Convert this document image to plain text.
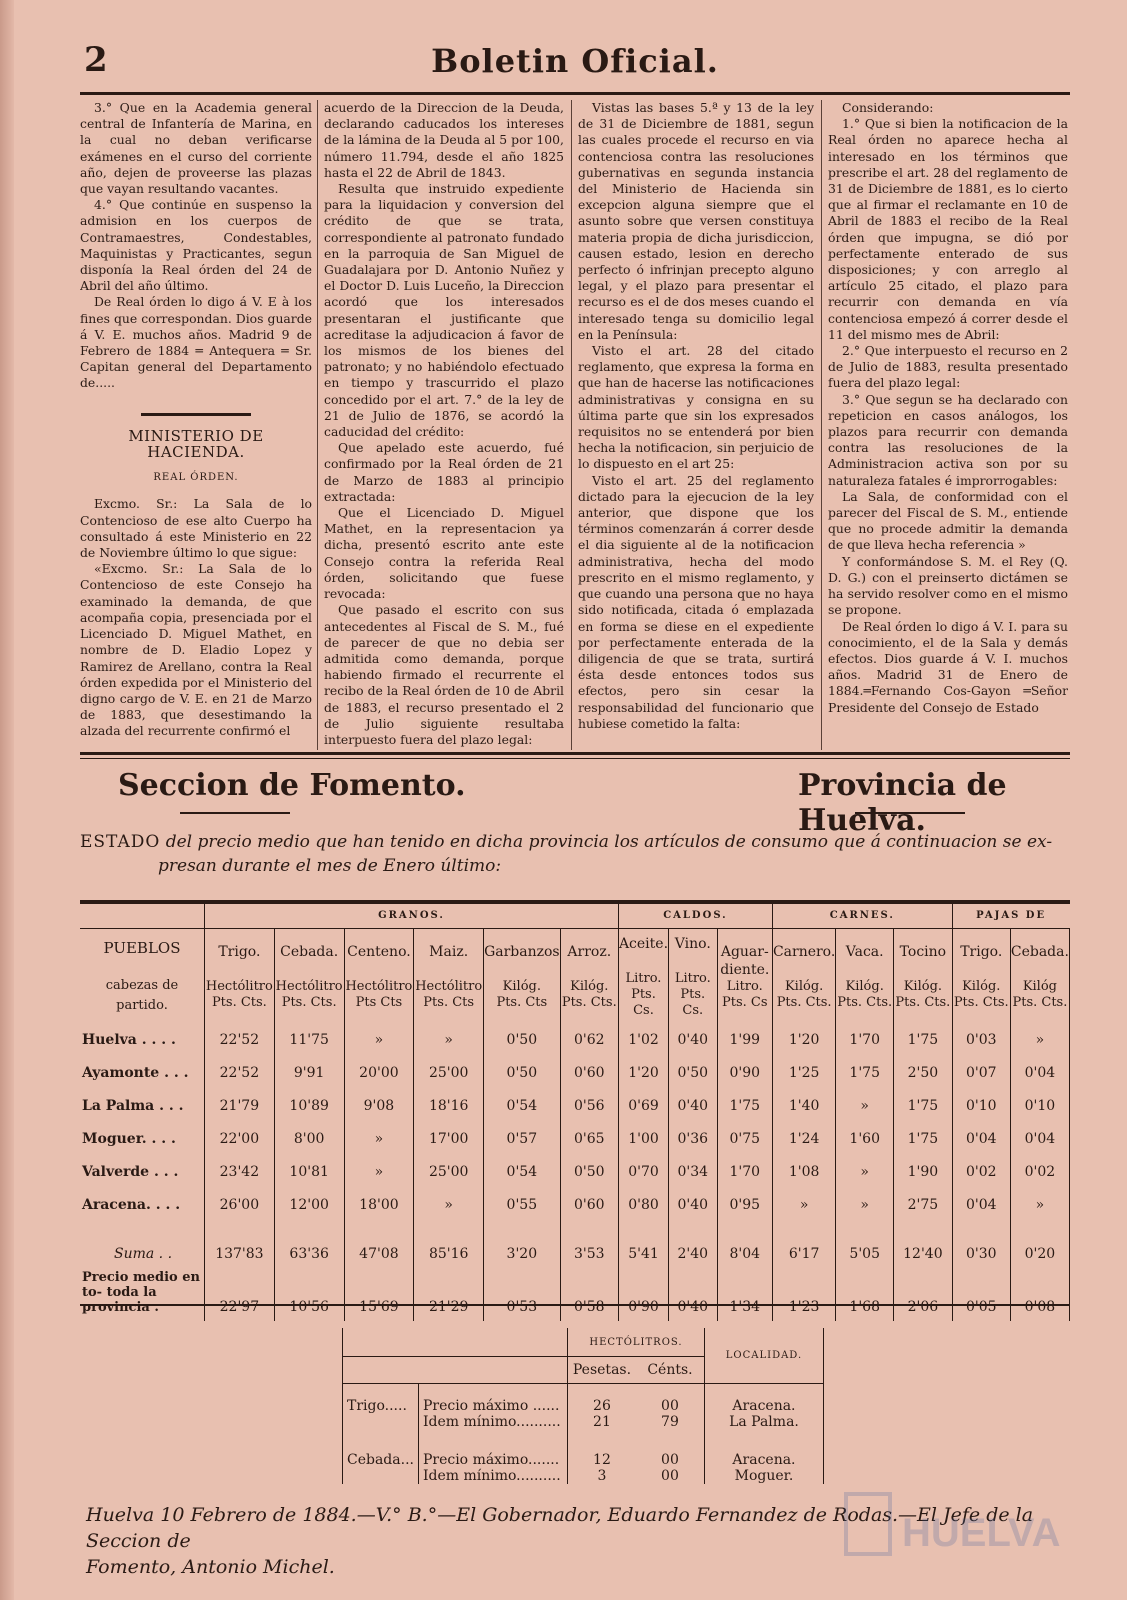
2	Boletin Oficial.

3.° Que en la Academia general central de Infantería de Marina, en la cual no deban verificarse exámenes en el curso del corriente año, dejen de proveerse las plazas que vayan resultando vacantes.

4.° Que continúe en suspenso la admision en los cuerpos de Contramaestres, Condestables, Maquinistas y Practicantes, segun disponía la Real órden del 24 de Abril del año último.

De Real órden lo digo á V. E à los fines que correspondan. Dios guarde á V. E. muchos años. Madrid 9 de Febrero de 1884 ═ Antequera ═ Sr. Capitan general del Departamento de.....

MINISTERIO DE HACIENDA.
REAL ÓRDEN.

Excmo. Sr.: La Sala de lo Contencioso de ese alto Cuerpo ha consultado á este Ministerio en 22 de Noviembre último lo que sigue:

«Excmo. Sr.: La Sala de lo Contencioso de este Consejo ha examinado la demanda, de que acompaña copia, presenciada por el Licenciado D. Miguel Mathet, en nombre de D. Eladio Lopez y Ramirez de Arellano, contra la Real órden expedida por el Ministerio del digno cargo de V. E. en 21 de Marzo de 1883, que desestimando la alzada del recurrente confirmó el

acuerdo de la Direccion de la Deuda, declarando caducados los intereses de la lámina de la Deuda al 5 por 100, número 11.794, desde el año 1825 hasta el 22 de Abril de 1843.

Resulta que instruido expediente para la liquidacion y conversion del crédito de que se trata, correspondiente al patronato fundado en la parroquia de San Miguel de Guadalajara por D. Antonio Nuñez y el Doctor D. Luis Luceño, la Direccion acordó que los interesados presentaran el justificante que acreditase la adjudicacion á favor de los mismos de los bienes del patronato; y no habiéndolo efectuado en tiempo y trascurrido el plazo concedido por el art. 7.° de la ley de 21 de Julio de 1876, se acordó la caducidad del crédito:

Que apelado este acuerdo, fué confirmado por la Real órden de 21 de Marzo de 1883 al principio extractada:

Que el Licenciado D. Miguel Mathet, en la representacion ya dicha, presentó escrito ante este Consejo contra la referida Real órden, solicitando que fuese revocada:

Que pasado el escrito con sus antecedentes al Fiscal de S. M., fué de parecer de que no debia ser admitida como demanda, porque habiendo firmado el recurrente el recibo de la Real órden de 10 de Abril de 1883, el recurso presentado el 2 de Julio siguiente resultaba interpuesto fuera del plazo legal:

Vistas las bases 5.ª y 13 de la ley de 31 de Diciembre de 1881, segun las cuales procede el recurso en via contenciosa contra las resoluciones gubernativas en segunda instancia del Ministerio de Hacienda sin excepcion alguna siempre que el asunto sobre que versen constituya materia propia de dicha jurisdiccion, causen estado, lesion en derecho perfecto ó infrinjan precepto alguno legal, y el plazo para presentar el recurso es el de dos meses cuando el interesado tenga su domicilio legal en la Península:

Visto el art. 28 del citado reglamento, que expresa la forma en que han de hacerse las notificaciones administrativas y consigna en su última parte que sin los expresados requisitos no se entenderá por bien hecha la notificacion, sin perjuicio de lo dispuesto en el art 25:

Visto el art. 25 del reglamento dictado para la ejecucion de la ley anterior, que dispone que los términos comenzarán á correr desde el dia siguiente al de la notificacion administrativa, hecha del modo prescrito en el mismo reglamento, y que cuando una persona que no haya sido notificada, citada ó emplazada en forma se diese en el expediente por perfectamente enterada de la diligencia de que se trata, surtirá ésta desde entonces todos sus efectos, pero sin cesar la responsabilidad del funcionario que hubiese cometido la falta:

Considerando:

1.° Que si bien la notificacion de la Real órden no aparece hecha al interesado en los términos que prescribe el art. 28 del reglamento de 31 de Diciembre de 1881, es lo cierto que al firmar el reclamante en 10 de Abril de 1883 el recibo de la Real órden que impugna, se dió por perfectamente enterado de sus disposiciones; y con arreglo al artículo 25 citado, el plazo para recurrir con demanda en vía contenciosa empezó á correr desde el 11 del mismo mes de Abril:

2.° Que interpuesto el recurso en 2 de Julio de 1883, resulta presentado fuera del plazo legal:

3.° Que segun se ha declarado con repeticion en casos análogos, los plazos para recurrir con demanda contra las resoluciones de la Administracion activa son por su naturaleza fatales é improrrogables:

La Sala, de conformidad con el parecer del Fiscal de S. M., entiende que no procede admitir la demanda de que lleva hecha referencia »

Y conformándose S. M. el Rey (Q. D. G.) con el preinserto dictámen se ha servido resolver como en el mismo se propone.

De Real órden lo digo á V. I. para su conocimiento, el de la Sala y demás efectos. Dios guarde á V. I. muchos años. Madrid 31 de Enero de 1884.═Fernando Cos-Gayon ═Señor Presidente del Consejo de Estado

Seccion de Fomento.	Provincia de Huelva.
ESTADO del precio medio que han tenido en dicha provincia los artículos de consumo que á continuacion se ex-
presan durante el mes de Enero último:
	GRANOS.						CALDOS.			CARNES.			PAJAS DE		
PUEBLOS

cabezas de partido.	Trigo.
Hectólitro
Pts. Cts.	Cebada.
Hectólitro
Pts. Cts.	Centeno.
Hectólitro
Pts Cts	Maiz.
Hectólitro
Pts. Cts	Garbanzos
Kilóg.
Pts. Cts	Arroz.
Kilóg.
Pts. Cts.	Aceite.
Litro.
Pts. Cs.	Vino.
Litro.
Pts. Cs.	Aguar-diente.
Litro.
Pts. Cs	Carnero.
Kilóg.
Pts. Cts.	Vaca.
Kilóg.
Pts. Cts.	Tocino
Kilóg.
Pts. Cts.	Trigo.
Kilóg.
Pts. Cts.	Cebada.
Kilóg
Pts. Cts.	

Huelva . . . .	22'52	11'75	»	»	0'50	0'62	1'02	0'40	1'99	1'20	1'70	1'75	0'03	»	
Ayamonte . . .	22'52	9'91	20'00	25'00	0'50	0'60	1'20	0'50	0'90	1'25	1'75	2'50	0'07	0'04	
La Palma . . .	21'79	10'89	9'08	18'16	0'54	0'56	0'69	0'40	1'75	1'40	»	1'75	0'10	0'10	
Moguer. . . .	22'00	8'00	»	17'00	0'57	0'65	1'00	0'36	0'75	1'24	1'60	1'75	0'04	0'04	
Valverde . . .	23'42	10'81	»	25'00	0'54	0'50	0'70	0'34	1'70	1'08	»	1'90	0'02	0'02	
Aracena. . . .	26'00	12'00	18'00	»	0'55	0'60	0'80	0'40	0'95	»	»	2'75	0'04	»	

Suma . .	137'83	63'36	47'08	85'16	3'20	3'53	5'41	2'40	8'04	6'17	5'05	12'40	0'30	0'20	
Precio medio en to- toda la provincia .	22'97	10'56	15'69	21'29	0'53	0'58	0'90	0'40	1'34	1'23	1'68	2'06	0'05	0'08	
		HECTÓLITROS.		LOCALIDAD.
		Pesetas.	Cénts.	
Trigo.....	Precio máximo ......	26	00	Aracena.
	Idem mínimo..........	21	79	La Palma.
Cebada...	Precio máximo.......	12	00	Aracena.
	Idem mínimo..........	3	00	Moguer.

Huelva 10 Febrero de 1884.—V.° B.°—El Gobernador, Eduardo Fernandez de Rodas.—El Jefe de la Seccion de
Fomento, Antonio Michel.
HUELVA
